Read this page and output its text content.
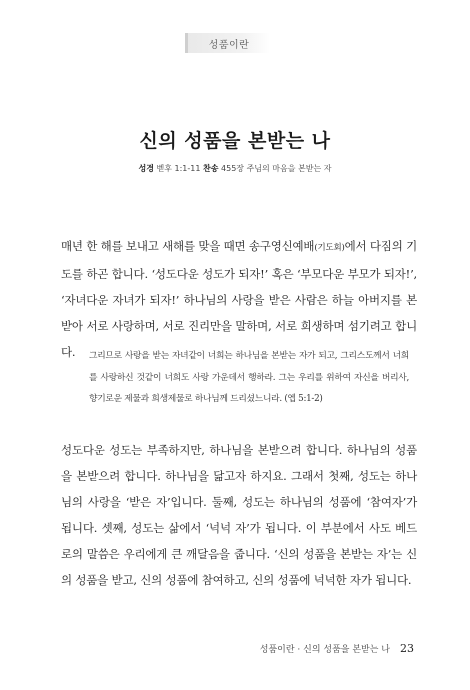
성품이란
신의 성품을 본받는 나
성경 벧후 1:1-11 찬송 455장 주님의 마음을 본받는 자
매년 한 해를 보내고 새해를 맞을 때면 송구영신예배(기도회)에서 다짐의 기도를 하곤 합니다. ‘성도다운 성도가 되자!’ 혹은 ‘부모다운 부모가 되자!’, ‘자녀다운 자녀가 되자!’ 하나님의 사랑을 받은 사람은 하늘 아버지를 본받아 서로 사랑하며, 서로 진리만을 말하며, 서로 희생하며 섬기려고 합니다.	그리므로 사랑을 받는 자녀같이 너희는 하나님을 본받는 자가 되고, 그리스도께서 너희를 사랑하신 것같이 너희도 사랑 가운데서 행하라. 그는 우리를 위하여 자신을 버리사, 향기로운 제물과 희생제물로 하나님께 드리셨느니라. (엡 5:1-2)
성도다운 성도는 부족하지만, 하나님을 본받으려 합니다. 하나님의 성품을 본받으려 합니다. 하나님을 닮고자 하지요. 그래서 첫째, 성도는 하나님의 사랑을 ‘받은 자’입니다. 둘째, 성도는 하나님의 성품에 ‘참여자’가 됩니다. 셋째, 성도는 삶에서 ‘넉넉 자’가 됩니다. 이 부분에서 사도 베드로의 말씀은 우리에게 큰 깨달음을 줍니다. ‘신의 성품을 본받는 자’는 신의 성품을 받고, 신의 성품에 참여하고, 신의 성품에 넉넉한 자가 됩니다.
성품이란 · 신의 성품을 본받는 나 23
